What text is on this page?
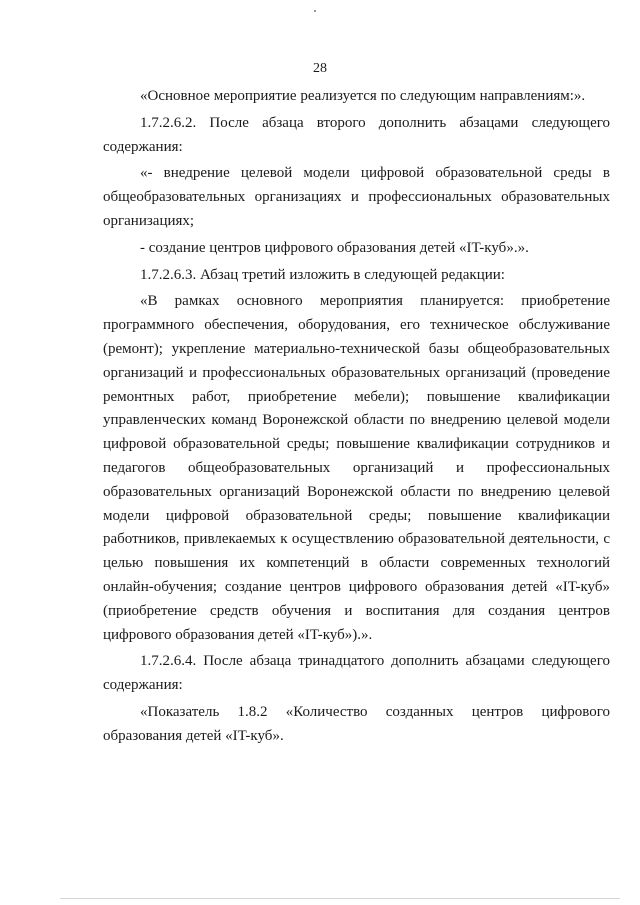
28

«Основное мероприятие реализуется по следующим направлениям:».

1.7.2.6.2. После абзаца второго дополнить абзацами следующего содержания:

«- внедрение целевой модели цифровой образовательной среды в общеобразовательных организациях и профессиональных образовательных организациях;

- создание центров цифрового образования детей «IT-куб».».

1.7.2.6.3. Абзац третий изложить в следующей редакции:

«В рамках основного мероприятия планируется: приобретение программного обеспечения, оборудования, его техническое обслуживание (ремонт); укрепление материально-технической базы общеобразовательных организаций и профессиональных образовательных организаций (проведение ремонтных работ, приобретение мебели); повышение квалификации управленческих команд Воронежской области по внедрению целевой модели цифровой образовательной среды; повышение квалификации сотрудников и педагогов общеобразовательных организаций и профессиональных образовательных организаций Воронежской области по внедрению целевой модели цифровой образовательной среды; повышение квалификации работников, привлекаемых к осуществлению образовательной деятельности, с целью повышения их компетенций в области современных технологий онлайн-обучения; создание центров цифрового образования детей «IT-куб» (приобретение средств обучения и воспитания для создания центров цифрового образования детей «IT-куб»).».

1.7.2.6.4. После абзаца тринадцатого дополнить абзацами следующего содержания:

«Показатель 1.8.2 «Количество созданных центров цифрового образования детей «IT-куб».
